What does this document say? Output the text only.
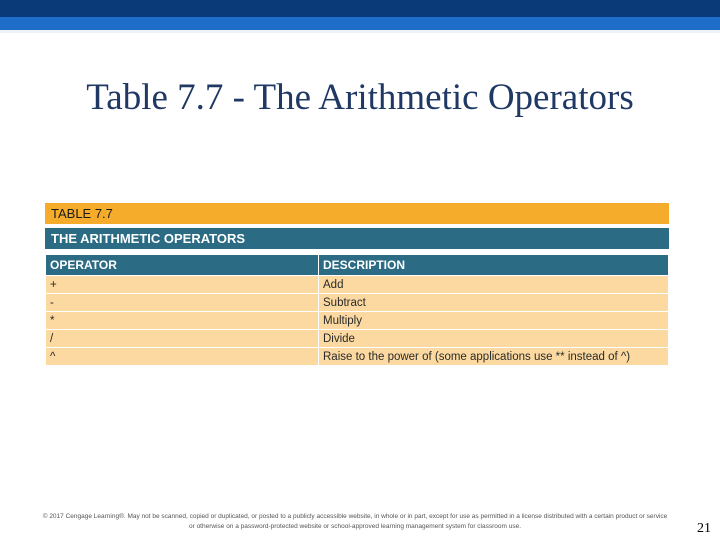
Table 7.7 - The Arithmetic Operators
TABLE 7.7
THE ARITHMETIC OPERATORS
OPERATOR	DESCRIPTION
+	Add
-	Subtract
*	Multiply
/	Divide
^	Raise to the power of (some applications use ** instead of ^)
© 2017 Cengage Learning®. May not be scanned, copied or duplicated, or posted to a publicly accessible website, in whole or in part, except for use as permitted in a license distributed with a certain product or service or otherwise on a password-protected website or school-approved learning management system for classroom use.	21
